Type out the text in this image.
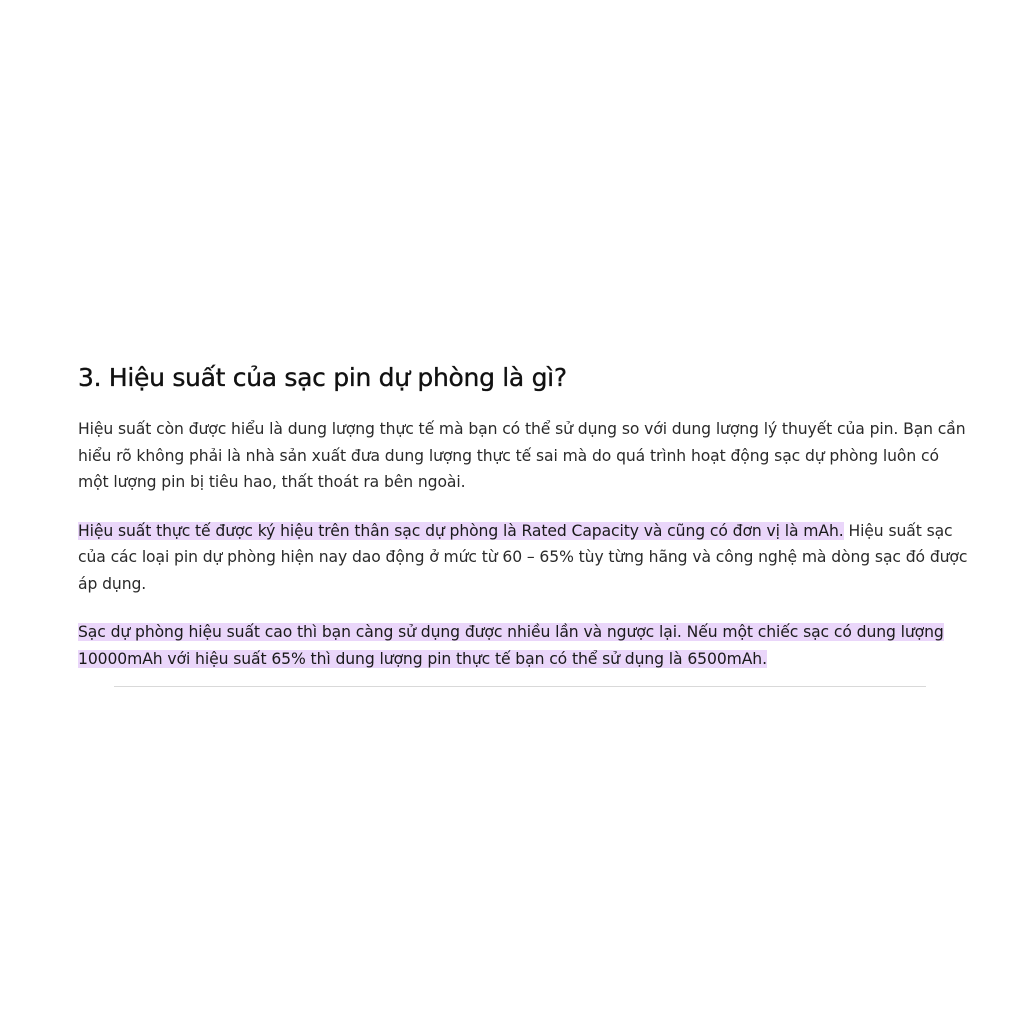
3. Hiệu suất của sạc pin dự phòng là gì?

Hiệu suất còn được hiểu là dung lượng thực tế mà bạn có thể sử dụng so với dung lượng lý thuyết của pin. Bạn cần hiểu rõ không phải là nhà sản xuất đưa dung lượng thực tế sai mà do quá trình hoạt động sạc dự phòng luôn có một lượng pin bị tiêu hao, thất thoát ra bên ngoài.

Hiệu suất thực tế được ký hiệu trên thân sạc dự phòng là Rated Capacity và cũng có đơn vị là mAh. Hiệu suất sạc của các loại pin dự phòng hiện nay dao động ở mức từ 60 – 65% tùy từng hãng và công nghệ mà dòng sạc đó được áp dụng.

Sạc dự phòng hiệu suất cao thì bạn càng sử dụng được nhiều lần và ngược lại. Nếu một chiếc sạc có dung lượng 10000mAh với hiệu suất 65% thì dung lượng pin thực tế bạn có thể sử dụng là 6500mAh.
